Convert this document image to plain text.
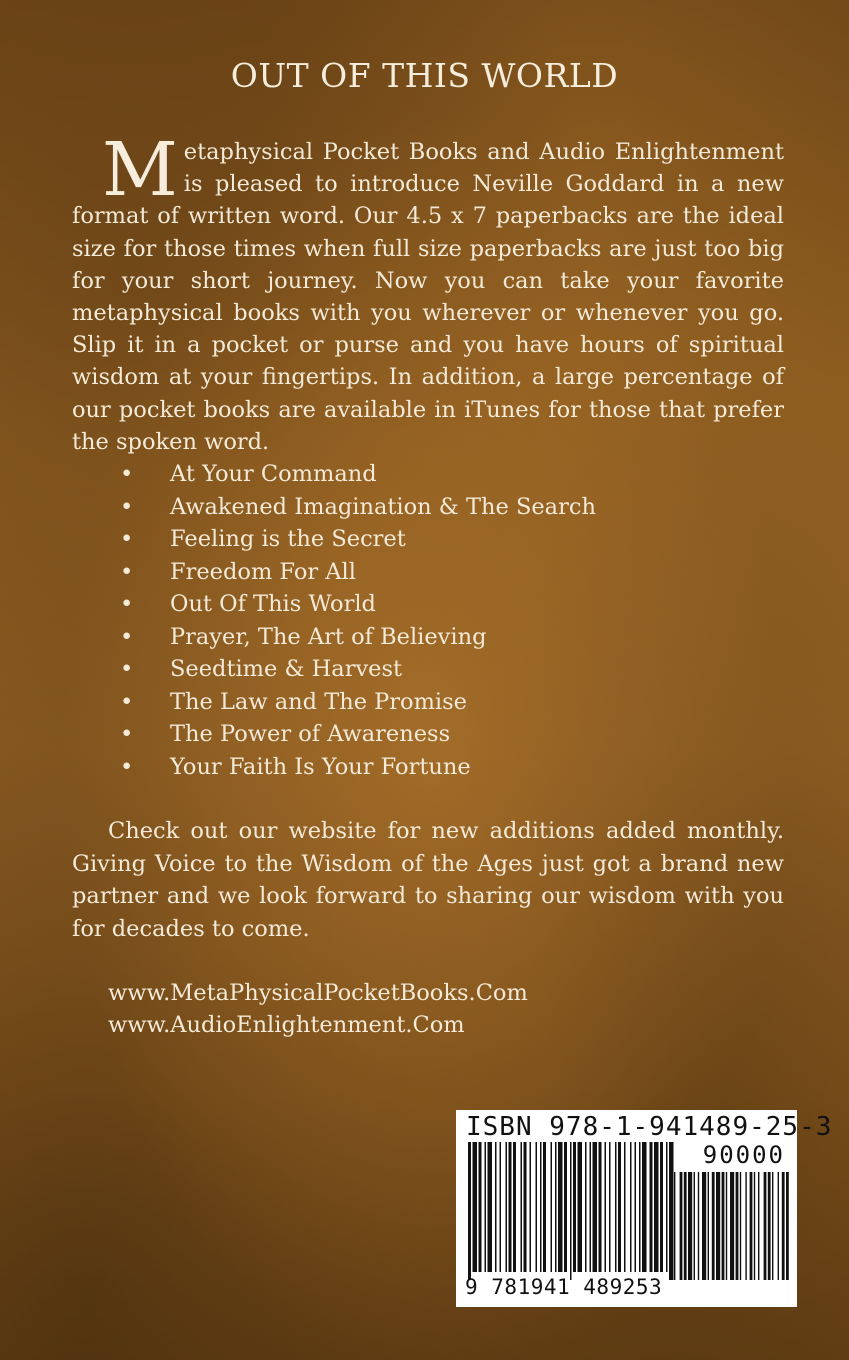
OUT OF THIS WORLD

Metaphysical Pocket Books and Audio Enlightenment is pleased to introduce Neville Goddard in a new format of written word. Our 4.5 x 7 paperbacks are the ideal size for those times when full size paperbacks are just too big for your short journey. Now you can take your favorite metaphysical books with you wherever or whenever you go. Slip it in a pocket or purse and you have hours of spiritual wisdom at your fingertips. In addition, a large percentage of our pocket books are available in iTunes for those that prefer the spoken word.

• At Your Command
• Awakened Imagination & The Search
• Feeling is the Secret
• Freedom For All
• Out Of This World
• Prayer, The Art of Believing
• Seedtime & Harvest
• The Law and The Promise
• The Power of Awareness
• Your Faith Is Your Fortune

Check out our website for new additions added monthly. Giving Voice to the Wisdom of the Ages just got a brand new partner and we look forward to sharing our wisdom with you for decades to come.

www.MetaPhysicalPocketBooks.Com
www.AudioEnlightenment.Com
ISBN 978-1-941489-25-3
90000
9 781941 489253
